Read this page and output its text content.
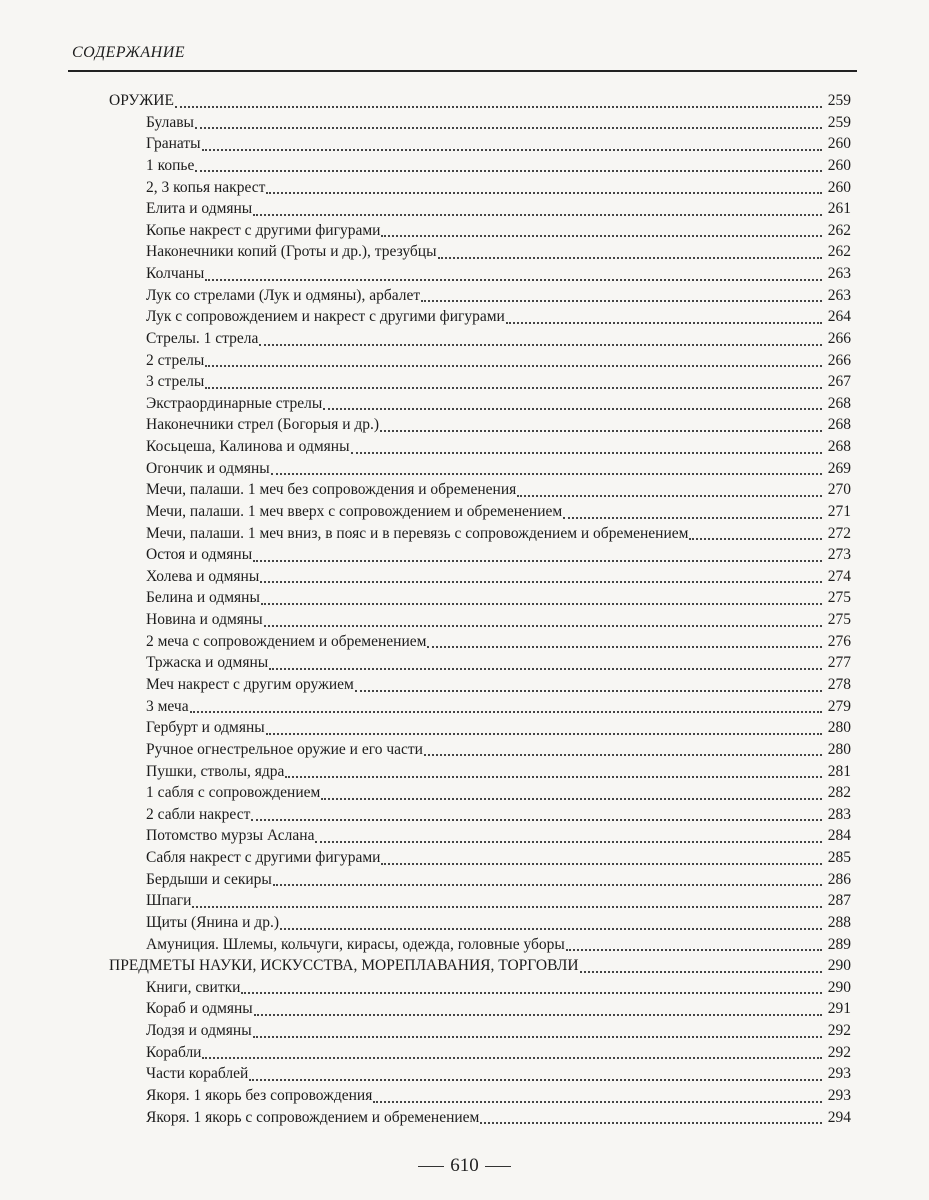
СОДЕРЖАНИЕ
ОРУЖИЕ	259
Булавы	259
Гранаты	260
1 копье	260
2, 3 копья накрест	260
Елита и одмяны	261
Копье накрест с другими фигурами	262
Наконечники копий (Гроты и др.), трезубцы	262
Колчаны	263
Лук со стрелами (Лук и одмяны), арбалет	263
Лук с сопровождением и накрест с другими фигурами	264
Стрелы. 1 стрела	266
2 стрелы	266
3 стрелы	267
Экстраординарные стрелы	268
Наконечники стрел (Богорыя и др.)	268
Косьцеша, Калинова и одмяны	268
Огончик и одмяны	269
Мечи, палаши. 1 меч без сопровождения и обременения	270
Мечи, палаши. 1 меч вверх с сопровождением и обременением	271
Мечи, палаши. 1 меч вниз, в пояс и в перевязь с сопровождением и обременением	272
Остоя и одмяны	273
Холева и одмяны	274
Белина и одмяны	275
Новина и одмяны	275
2 меча с сопровождением и обременением	276
Тржаска и одмяны	277
Меч накрест с другим оружием	278
3 меча	279
Гербурт и одмяны	280
Ручное огнестрельное оружие и его части	280
Пушки, стволы, ядра	281
1 сабля с сопровождением	282
2 сабли накрест	283
Потомство мурзы Аслана	284
Сабля накрест с другими фигурами	285
Бердыши и секиры	286
Шпаги	287
Щиты (Янина и др.)	288
Амуниция. Шлемы, кольчуги, кирасы, одежда, головные уборы	289
ПРЕДМЕТЫ НАУКИ, ИСКУССТВА, МОРЕПЛАВАНИЯ, ТОРГОВЛИ	290
Книги, свитки	290
Кораб и одмяны	291
Лодзя и одмяны	292
Корабли	292
Части кораблей	293
Якоря. 1 якорь без сопровождения	293
Якоря. 1 якорь с сопровождением и обременением	294
610
